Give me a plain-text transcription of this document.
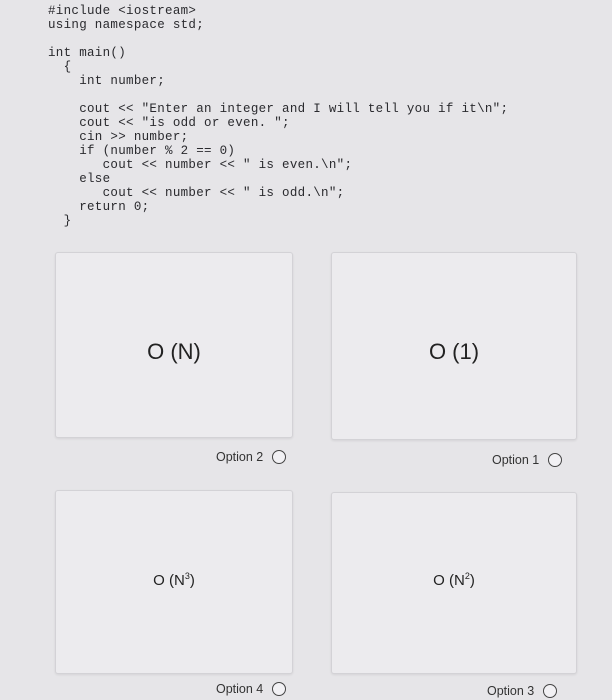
#include <iostream>

using namespace std;

int main()

{

int number;

cout << "Enter an integer and I will tell you if it\n";

cout << "is odd or even. ";

cin >> number;

if (number % 2 == 0)

cout << number << " is even.\n";

else

cout << number << " is odd.\n";

return 0;

}

O (N)
Option 2
O (1)
Option 1
O $(N^3)$
Option 4
O $(N^2)$
Option 3
